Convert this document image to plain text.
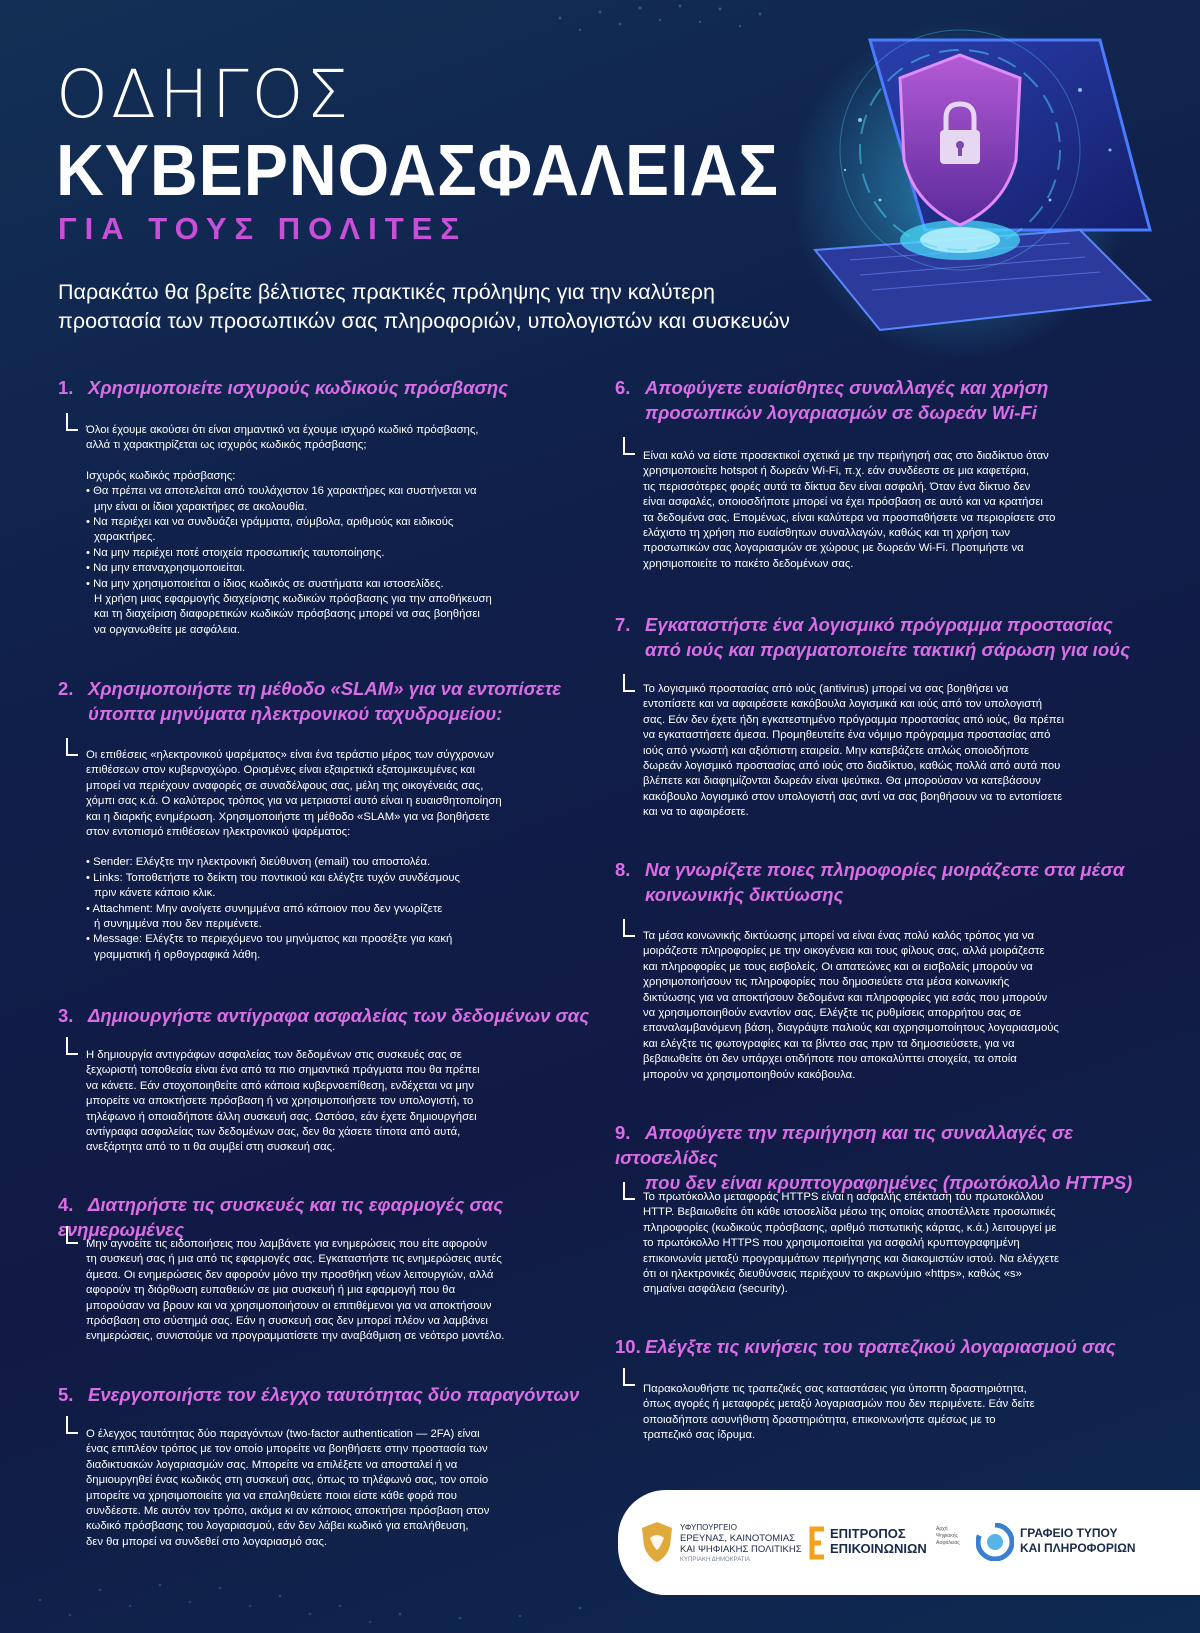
ΟΔΗΓΟΣ
ΚΥΒΕΡΝΟΑΣΦΑΛΕΙΑΣ
ΓΙΑ ΤΟΥΣ ΠΟΛΙΤΕΣ
Παρακάτω θα βρείτε βέλτιστες πρακτικές πρόληψης για την καλύτερη
προστασία των προσωπικών σας πληροφοριών, υπολογιστών και συσκευών
1. Χρησιμοποιείτε ισχυρούς κωδικούς πρόσβασης

Όλοι έχουμε ακούσει ότι είναι σημαντικό να έχουμε ισχυρό κωδικό πρόσβασης,

αλλά τι χαρακτηρίζεται ως ισχυρός κωδικός πρόσβασης;

Ισχυρός κωδικός πρόσβασης:

• Θα πρέπει να αποτελείται από τουλάχιστον 16 χαρακτήρες και συστήνεται να

μην είναι οι ίδιοι χαρακτήρες σε ακολουθία.

• Να περιέχει και να συνδυάζει γράμματα, σύμβολα, αριθμούς και ειδικούς

χαρακτήρες.

• Να μην περιέχει ποτέ στοιχεία προσωπικής ταυτοποίησης.

• Να μην επαναχρησιμοποιείται.

• Να μην χρησιμοποιείται ο ίδιος κωδικός σε συστήματα και ιστοσελίδες.

Η χρήση μιας εφαρμογής διαχείρισης κωδικών πρόσβασης για την αποθήκευση

και τη διαχείριση διαφορετικών κωδικών πρόσβασης μπορεί να σας βοηθήσει

να οργανωθείτε με ασφάλεια.

2. Χρησιμοποιήστε τη μέθοδο «SLAM» για να εντοπίσετε
ύποπτα μηνύματα ηλεκτρονικού ταχυδρομείου:

Οι επιθέσεις «ηλεκτρονικού ψαρέματος» είναι ένα τεράστιο μέρος των σύγχρονων

επιθέσεων στον κυβερνοχώρο. Ορισμένες είναι εξαιρετικά εξατομικευμένες και

μπορεί να περιέχουν αναφορές σε συναδέλφους σας, μέλη της οικογένειάς σας,

χόμπι σας κ.ά. Ο καλύτερος τρόπος για να μετριαστεί αυτό είναι η ευαισθητοποίηση

και η διαρκής ενημέρωση. Χρησιμοποιήστε τη μέθοδο «SLAM» για να βοηθήσετε

στον εντοπισμό επιθέσεων ηλεκτρονικού ψαρέματος:

• Sender: Ελέγξτε την ηλεκτρονική διεύθυνση (email) του αποστολέα.

• Links: Τοποθετήστε το δείκτη του ποντικιού και ελέγξτε τυχόν συνδέσμους

πριν κάνετε κάποιο κλικ.

• Attachment: Μην ανοίγετε συνημμένα από κάποιον που δεν γνωρίζετε

ή συνημμένα που δεν περιμένετε.

• Message: Ελέγξτε το περιεχόμενο του μηνύματος και προσέξτε για κακή

γραμματική ή ορθογραφικά λάθη.

3. Δημιουργήστε αντίγραφα ασφαλείας των δεδομένων σας

Η δημιουργία αντιγράφων ασφαλείας των δεδομένων στις συσκευές σας σε

ξεχωριστή τοποθεσία είναι ένα από τα πιο σημαντικά πράγματα που θα πρέπει

να κάνετε. Εάν στοχοποιηθείτε από κάποια κυβερνοεπίθεση, ενδέχεται να μην

μπορείτε να αποκτήσετε πρόσβαση ή να χρησιμοποιήσετε τον υπολογιστή, το

τηλέφωνο ή οποιαδήποτε άλλη συσκευή σας. Ωστόσο, εάν έχετε δημιουργήσει

αντίγραφα ασφαλείας των δεδομένων σας, δεν θα χάσετε τίποτα από αυτά,

ανεξάρτητα από το τι θα συμβεί στη συσκευή σας.

4. Διατηρήστε τις συσκευές και τις εφαρμογές σας ενημερωμένες

Μην αγνοείτε τις ειδοποιήσεις που λαμβάνετε για ενημερώσεις που είτε αφορούν

τη συσκευή σας ή μια από τις εφαρμογές σας. Εγκαταστήστε τις ενημερώσεις αυτές

άμεσα. Οι ενημερώσεις δεν αφορούν μόνο την προσθήκη νέων λειτουργιών, αλλά

αφορούν τη διόρθωση ευπαθειών σε μια συσκευή ή μια εφαρμογή που θα

μπορούσαν να βρουν και να χρησιμοποιήσουν οι επιτιθέμενοι για να αποκτήσουν

πρόσβαση στο σύστημά σας. Εάν η συσκευή σας δεν μπορεί πλέον να λαμβάνει

ενημερώσεις, συνιστούμε να προγραμματίσετε την αναβάθμιση σε νεότερο μοντέλο.

5. Ενεργοποιήστε τον έλεγχο ταυτότητας δύο παραγόντων

Ο έλεγχος ταυτότητας δύο παραγόντων (two-factor authentication — 2FA) είναι

ένας επιπλέον τρόπος με τον οποίο μπορείτε να βοηθήσετε στην προστασία των

διαδικτυακών λογαριασμών σας. Μπορείτε να επιλέξετε να αποσταλεί ή να

δημιουργηθεί ένας κωδικός στη συσκευή σας, όπως το τηλέφωνό σας, τον οποίο

μπορείτε να χρησιμοποιείτε για να επαληθεύετε ποιοι είστε κάθε φορά που

συνδέεστε. Με αυτόν τον τρόπο, ακόμα κι αν κάποιος αποκτήσει πρόσβαση στον

κωδικό πρόσβασης του λογαριασμού, εάν δεν λάβει κωδικό για επαλήθευση,

δεν θα μπορεί να συνδεθεί στο λογαριασμό σας.

6. Αποφύγετε ευαίσθητες συναλλαγές και χρήση
προσωπικών λογαριασμών σε δωρεάν Wi-Fi

Είναι καλό να είστε προσεκτικοί σχετικά με την περιήγησή σας στο διαδίκτυο όταν

χρησιμοποιείτε hotspot ή δωρεάν Wi-Fi, π.χ. εάν συνδέεστε σε μια καφετέρια,

τις περισσότερες φορές αυτά τα δίκτυα δεν είναι ασφαλή. Όταν ένα δίκτυο δεν

είναι ασφαλές, οποιοσδήποτε μπορεί να έχει πρόσβαση σε αυτό και να κρατήσει

τα δεδομένα σας. Επομένως, είναι καλύτερα να προσπαθήσετε να περιορίσετε στο

ελάχιστο τη χρήση πιο ευαίσθητων συναλλαγών, καθώς και τη χρήση των

προσωπικών σας λογαριασμών σε χώρους με δωρεάν Wi-Fi. Προτιμήστε να

χρησιμοποιείτε το πακέτο δεδομένων σας.

7. Εγκαταστήστε ένα λογισμικό πρόγραμμα προστασίας
από ιούς και πραγματοποιείτε τακτική σάρωση για ιούς

Το λογισμικό προστασίας από ιούς (antivirus) μπορεί να σας βοηθήσει να

εντοπίσετε και να αφαιρέσετε κακόβουλα λογισμικά και ιούς από τον υπολογιστή

σας. Εάν δεν έχετε ήδη εγκατεστημένο πρόγραμμα προστασίας από ιούς, θα πρέπει

να εγκαταστήσετε άμεσα. Προμηθευτείτε ένα νόμιμο πρόγραμμα προστασίας από

ιούς από γνωστή και αξιόπιστη εταιρεία. Μην κατεβάζετε απλώς οποιοδήποτε

δωρεάν λογισμικό προστασίας από ιούς στο διαδίκτυο, καθώς πολλά από αυτά που

βλέπετε και διαφημίζονται δωρεάν είναι ψεύτικα. Θα μπορούσαν να κατεβάσουν

κακόβουλο λογισμικό στον υπολογιστή σας αντί να σας βοηθήσουν να το εντοπίσετε

και να το αφαιρέσετε.

8. Να γνωρίζετε ποιες πληροφορίες μοιράζεστε στα μέσα
κοινωνικής δικτύωσης

Τα μέσα κοινωνικής δικτύωσης μπορεί να είναι ένας πολύ καλός τρόπος για να

μοιράζεστε πληροφορίες με την οικογένεια και τους φίλους σας, αλλά μοιράζεστε

και πληροφορίες με τους εισβολείς. Οι απατεώνες και οι εισβολείς μπορούν να

χρησιμοποιήσουν τις πληροφορίες που δημοσιεύετε στα μέσα κοινωνικής

δικτύωσης για να αποκτήσουν δεδομένα και πληροφορίες για εσάς που μπορούν

να χρησιμοποιηθούν εναντίον σας. Ελέγξτε τις ρυθμίσεις απορρήτου σας σε

επαναλαμβανόμενη βάση, διαγράψτε παλιούς και αχρησιμοποίητους λογαριασμούς

και ελέγξτε τις φωτογραφίες και τα βίντεο σας πριν τα δημοσιεύσετε, για να

βεβαιωθείτε ότι δεν υπάρχει οτιδήποτε που αποκαλύπτει στοιχεία, τα οποία

μπορούν να χρησιμοποιηθούν κακόβουλα.

9. Αποφύγετε την περιήγηση και τις συναλλαγές σε ιστοσελίδες
που δεν είναι κρυπτογραφημένες (πρωτόκολλο HTTPS)

Το πρωτόκολλο μεταφοράς HTTPS είναι η ασφαλής επέκταση του πρωτοκόλλου

HTTP. Βεβαιωθείτε ότι κάθε ιστοσελίδα μέσω της οποίας αποστέλλετε προσωπικές

πληροφορίες (κωδικούς πρόσβασης, αριθμό πιστωτικής κάρτας, κ.ά.) λειτουργεί με

το πρωτόκολλο HTTPS που χρησιμοποιείται για ασφαλή κρυπτογραφημένη

επικοινωνία μεταξύ προγραμμάτων περιήγησης και διακομιστών ιστού. Να ελέγχετε

ότι οι ηλεκτρονικές διευθύνσεις περιέχουν το ακρωνύμιο «https», καθώς «s»

σημαίνει ασφάλεια (security).

10. Ελέγξτε τις κινήσεις του τραπεζικού λογαριασμού σας

Παρακολουθήστε τις τραπεζικές σας καταστάσεις για ύποπτη δραστηριότητα,

όπως αγορές ή μεταφορές μεταξύ λογαριασμών που δεν περιμένετε. Εάν δείτε

οποιαδήποτε ασυνήθιστη δραστηριότητα, επικοινωνήστε αμέσως με το

τραπεζικό σας ίδρυμα.

ΥΦΥΠΟΥΡΓΕΙΟ
ΕΡΕΥΝΑΣ, ΚΑΙΝΟΤΟΜΙΑΣ
ΚΑΙ ΨΗΦΙΑΚΗΣ ΠΟΛΙΤΙΚΗΣ
ΚΥΠΡΙΑΚΗ ΔΗΜΟΚΡΑΤΙΑ
ΕΠΙΤΡΟΠΟΣ
ΕΠΙΚΟΙΝΩΝΙΩΝ
Αρχή Ψηφιακής Ασφάλειας
ΓΡΑΦΕΙΟ ΤΥΠΟΥ
ΚΑΙ ΠΛΗΡΟΦΟΡΙΩΝ
